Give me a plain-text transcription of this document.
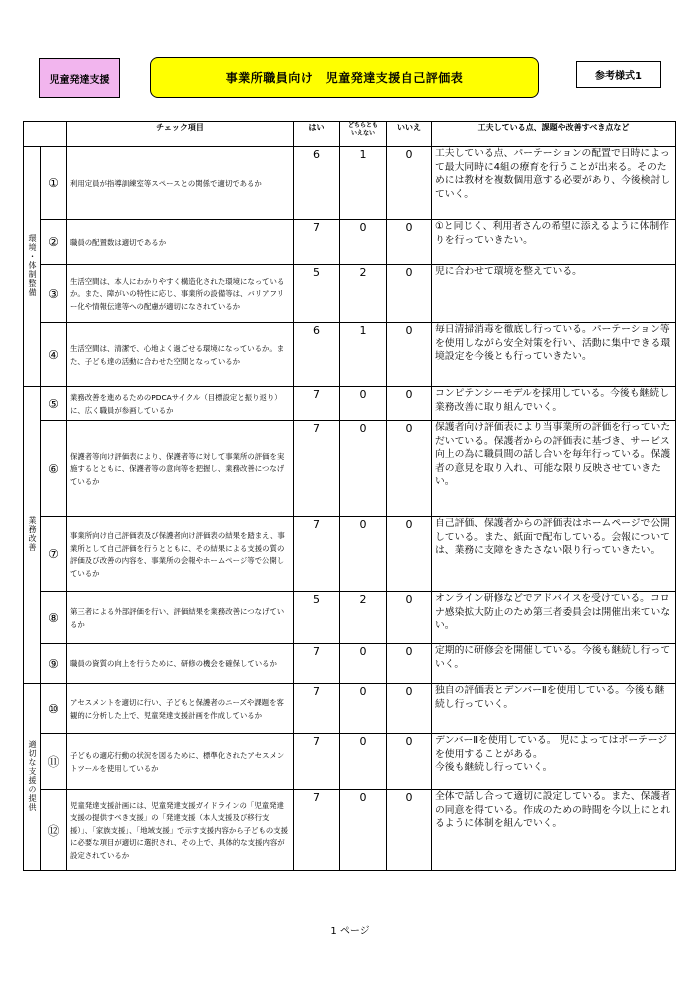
児童発達支援	事業所職員向け　児童発達支援自己評価表	参考様式1
		チェック項目	はい	どちらとも
いえない	いいえ	工夫している点、課題や改善すべき点など
環境・体制整備	①	利用定員が指導訓練室等スペースとの関係で適切であるか	6	1	0	工夫している点、パーテーションの配置で日時によって最大同時に4組の療育を行うことが出来る。そのためには教材を複数個用意する必要があり、今後検討していく。
	②	職員の配置数は適切であるか	7	0	0	①と同じく、利用者さんの希望に添えるように体制作りを行っていきたい。
	③	生活空間は、本人にわかりやすく構造化された環境になっているか。また、障がいの特性に応じ、事業所の設備等は、バリアフリー化や情報伝達等への配慮が適切になされているか	5	2	0	児に合わせて環境を整えている。
	④	生活空間は、清潔で、心地よく過ごせる環境になっているか。また、子ども達の活動に合わせた空間となっているか	6	1	0	毎日清掃消毒を徹底し行っている。パーテーション等を使用しながら安全対策を行い、活動に集中できる環境設定を今後とも行っていきたい。
業務改善	⑤	業務改善を進めるためのPDCAサイクル（目標設定と振り返り）に、広く職員が参画しているか	7	0	0	コンピテンシーモデルを採用している。今後も継続し業務改善に取り組んでいく。
	⑥	保護者等向け評価表により、保護者等に対して事業所の評価を実施するとともに、保護者等の意向等を把握し、業務改善につなげているか	7	0	0	保護者向け評価表により当事業所の評価を行っていただいている。保護者からの評価表に基づき、サービス向上の為に職員間の話し合いを毎年行っている。保護者の意見を取り入れ、可能な限り反映させていきたい。
	⑦	事業所向け自己評価表及び保護者向け評価表の結果を踏まえ、事業所として自己評価を行うとともに、その結果による支援の質の評価及び改善の内容を、事業所の会報やホームページ等で公開しているか	7	0	0	自己評価、保護者からの評価表はホームページで公開している。また、紙面で配布している。会報については、業務に支障をきたさない限り行っていきたい。
	⑧	第三者による外部評価を行い、評価結果を業務改善につなげているか	5	2	0	オンライン研修などでアドバイスを受けている。コロナ感染拡大防止のため第三者委員会は開催出来ていない。
	⑨	職員の資質の向上を行うために、研修の機会を確保しているか	7	0	0	定期的に研修会を開催している。今後も継続し行っていく。
適切な支援の提供	⑩	アセスメントを適切に行い、子どもと保護者のニーズや課題を客観的に分析した上で、児童発達支援計画を作成しているか	7	0	0	独自の評価表とデンバーⅡを使用している。今後も継続し行っていく。
	⑪	子どもの適応行動の状況を図るために、標準化されたアセスメントツールを使用しているか	7	0	0	デンバーⅡを使用している。 児によってはポーテージを使用することがある。
今後も継続し行っていく。
	⑫	児童発達支援計画には、児童発達支援ガイドラインの「児童発達支援の提供すべき支援」の「発達支援（本人支援及び移行支援）」、「家族支援」、「地域支援」で示す支援内容から子どもの支援に必要な項目が適切に選択され、その上で、具体的な支援内容が設定されているか	7	0	0	全体で話し合って適切に設定している。また、保護者の同意を得ている。作成のための時間を今以上にとれるように体制を組んでいく。
1 ページ
